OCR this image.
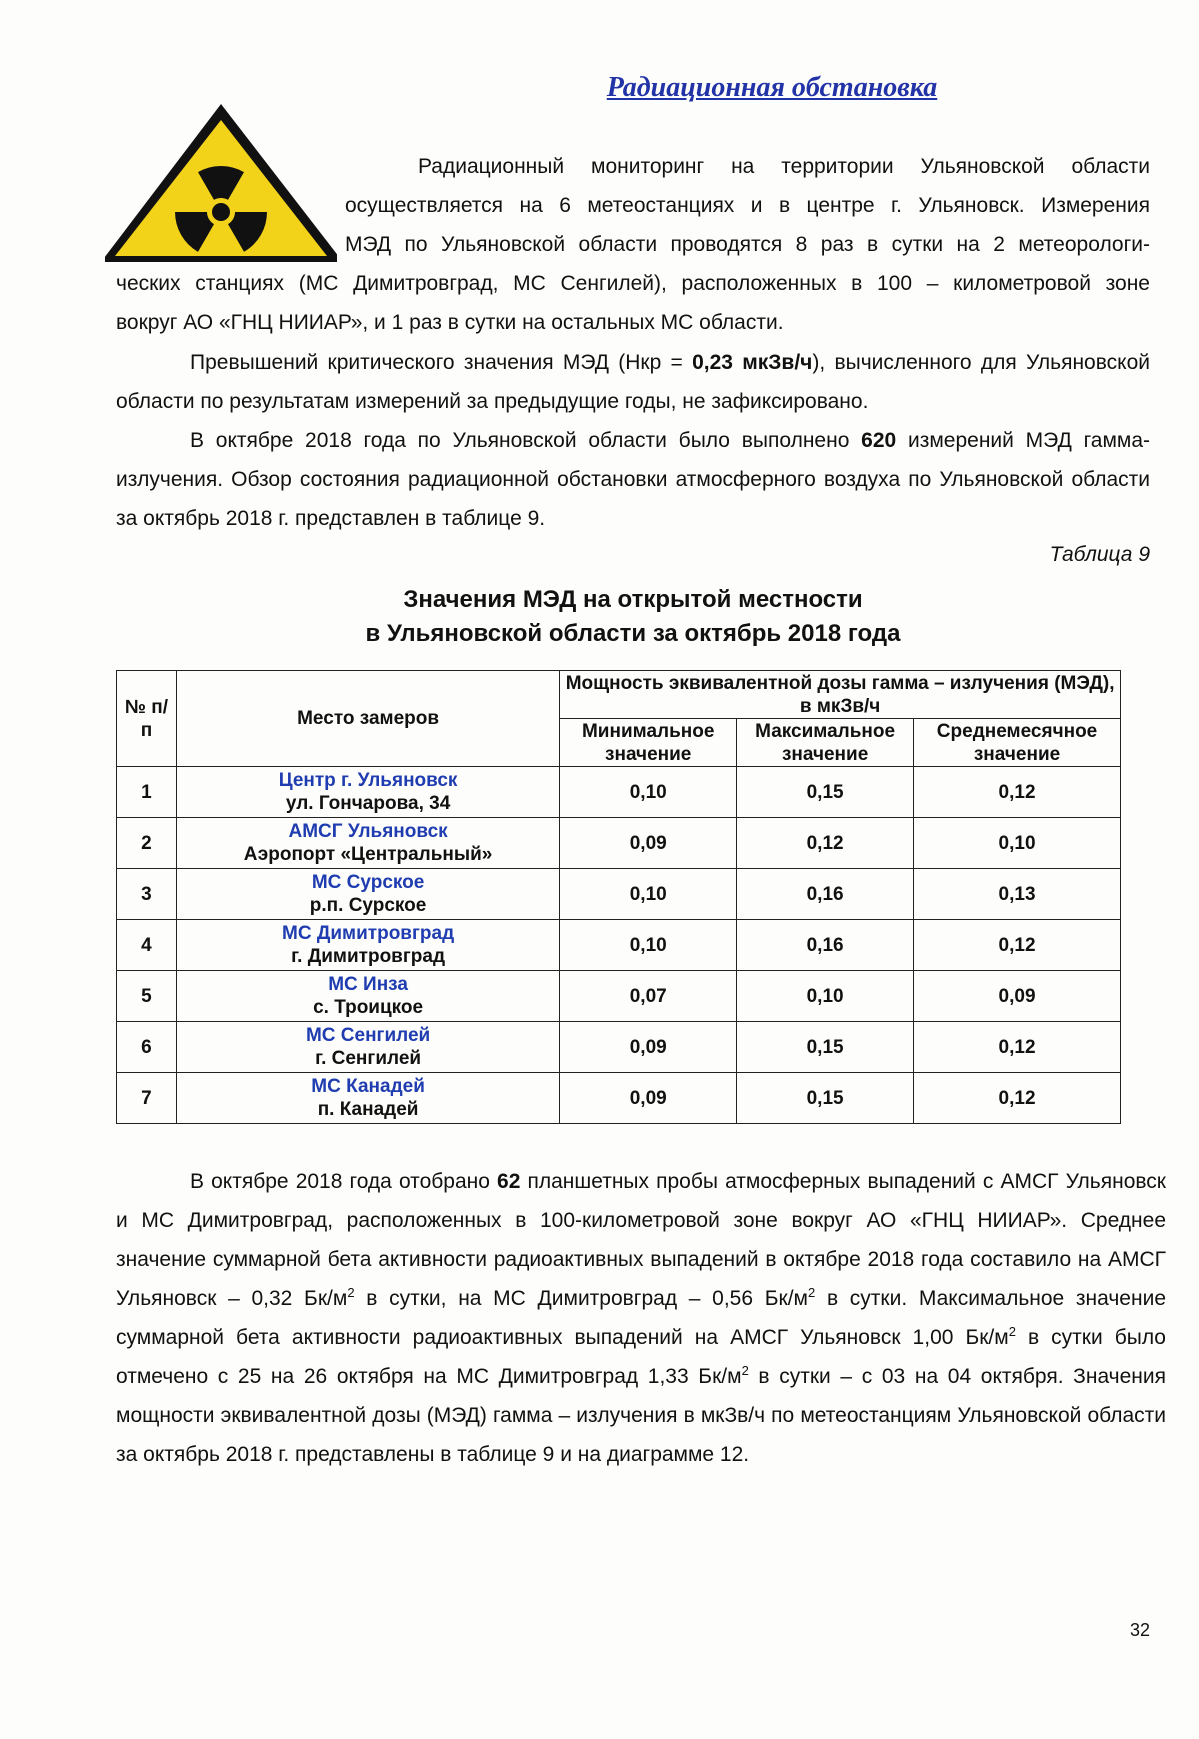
Радиационная обстановка
Радиационный мониторинг на территории Ульяновской области
осуществляется на 6 метеостанциях и в центре г. Ульяновск. Измерения
МЭД по Ульяновской области проводятся 8 раз в сутки на 2 метеорологи-
ческих станциях (МС Димитровград, МС Сенгилей), расположенных в 100 – километровой зоне
вокруг АО «ГНЦ НИИАР», и 1 раз в сутки на остальных МС области.

Превышений критического значения МЭД (Нкр = 0,23 мкЗв/ч), вычисленного для Ульяновской области по результатам измерений за предыдущие годы, не зафиксировано.

В октябре 2018 года по Ульяновской области было выполнено 620 измерений МЭД гамма-излучения. Обзор состояния радиационной обстановки атмосферного воздуха по Ульяновской области за октябрь 2018 г. представлен в таблице 9.

Таблица 9
Значения МЭД на открытой местности
в Ульяновской области за октябрь 2018 года
№ п/п	Место замеров	Мощность эквивалентной дозы гамма – излучения (МЭД), в мкЗв/ч		
		Минимальное значение	Максимальное значение	Среднемесячное значение
1	Центр г. Ульяновск
ул. Гончарова, 34	0,10	0,15	0,12
2	АМСГ Ульяновск
Аэропорт «Центральный»	0,09	0,12	0,10
3	МС Сурское
р.п. Сурское	0,10	0,16	0,13
4	МС Димитровград
г. Димитровград	0,10	0,16	0,12
5	МС Инза
с. Троицкое	0,07	0,10	0,09
6	МС Сенгилей
г. Сенгилей	0,09	0,15	0,12
7	МС Канадей
п. Канадей	0,09	0,15	0,12

В октябре 2018 года отобрано 62 планшетных пробы атмосферных выпадений с АМСГ Ульяновск и МС Димитровград, расположенных в 100-километровой зоне вокруг АО «ГНЦ НИИАР». Среднее значение суммарной бета активности радиоактивных выпадений в октябре 2018 года составило на АМСГ Ульяновск – 0,32 $Бк/м^2$ в сутки, на МС Димитровград – 0,56 $Бк/м^2$ в сутки. Максимальное значение суммарной бета активности радиоактивных выпадений на АМСГ Ульяновск 1,00 $Бк/м^2$ в сутки было отмечено с 25 на 26 октября на МС Димитровград 1,33 $Бк/м^2$ в сутки – с 03 на 04 октября. Значения мощности эквивалентной дозы (МЭД) гамма – излучения в мкЗв/ч по метеостанциям Ульяновской области за октябрь 2018 г. представлены в таблице 9 и на диаграмме 12.

32
